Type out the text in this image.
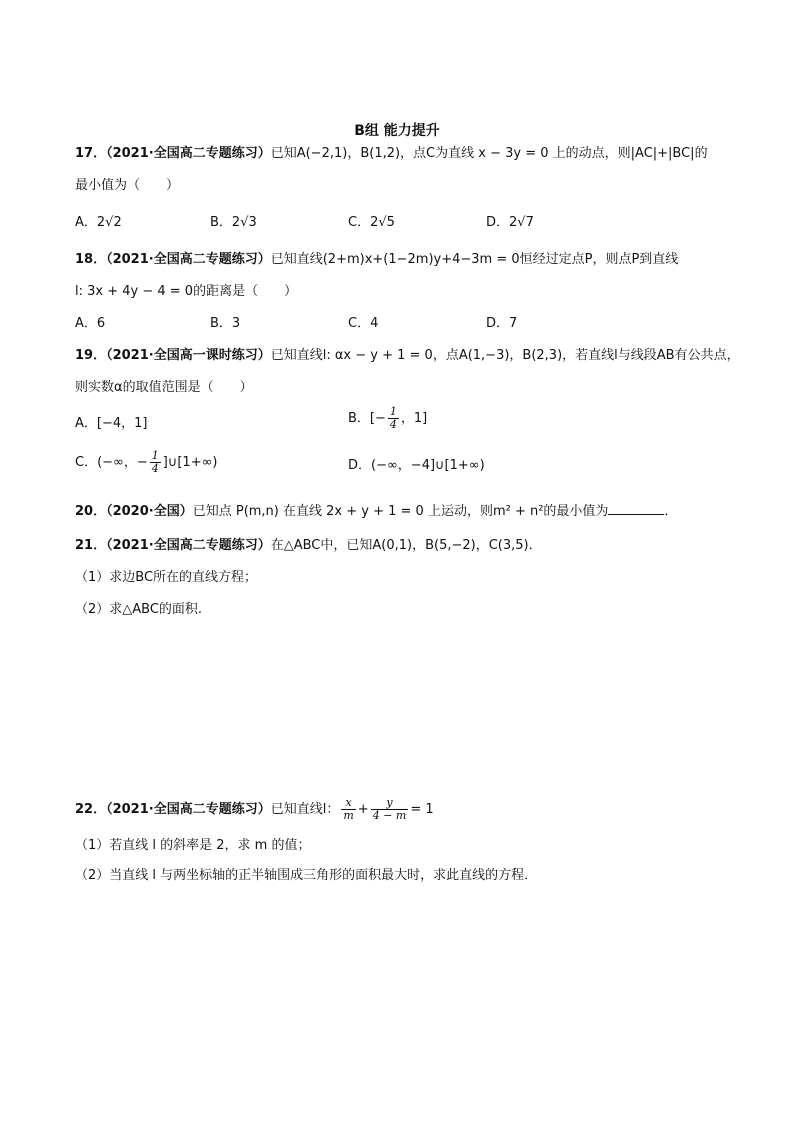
B组 能力提升
17．（2021·全国高二专题练习）已知A(−2,1)，B(1,2)，点C为直线 x − 3y = 0 上的动点，则|AC|+|BC|的
最小值为（　　）
A．2√2	B．2√3	C．2√5	D．2√7
18．（2021·全国高二专题练习）已知直线(2+m)x+(1−2m)y+4−3m = 0恒经过定点P，则点P到直线
l: 3x + 4y − 4 = 0的距离是（　　）
A．6	B．3	C．4	D．7
19．（2021·全国高一课时练习）已知直线l: αx − y + 1 = 0，点A(1,−3)，B(2,3)，若直线l与线段AB有公共点，
则实数α的取值范围是（　　）
A．[−4，1]	B．[− $\frac{1}{4}$ ，1]
C．(−∞，− $\frac{1}{4}$ ]∪[1+∞)	D．(−∞，−4]∪[1+∞)
20．（2020·全国）已知点 P(m,n) 在直线 2x + y + 1 = 0 上运动，则m² + n²的最小值为	．
21．（2021·全国高二专题练习）在△ABC中，已知A(0,1)，B(5,−2)，C(3,5)．
（1）求边BC所在的直线方程；
（2）求△ABC的面积.
22．（2021·全国高二专题练习）已知直线l： $\frac{x}{m} + \frac{y}{4 - m} = 1$
（1）若直线 l 的斜率是 2，求 m 的值；
（2）当直线 l 与两坐标轴的正半轴围成三角形的面积最大时，求此直线的方程．
